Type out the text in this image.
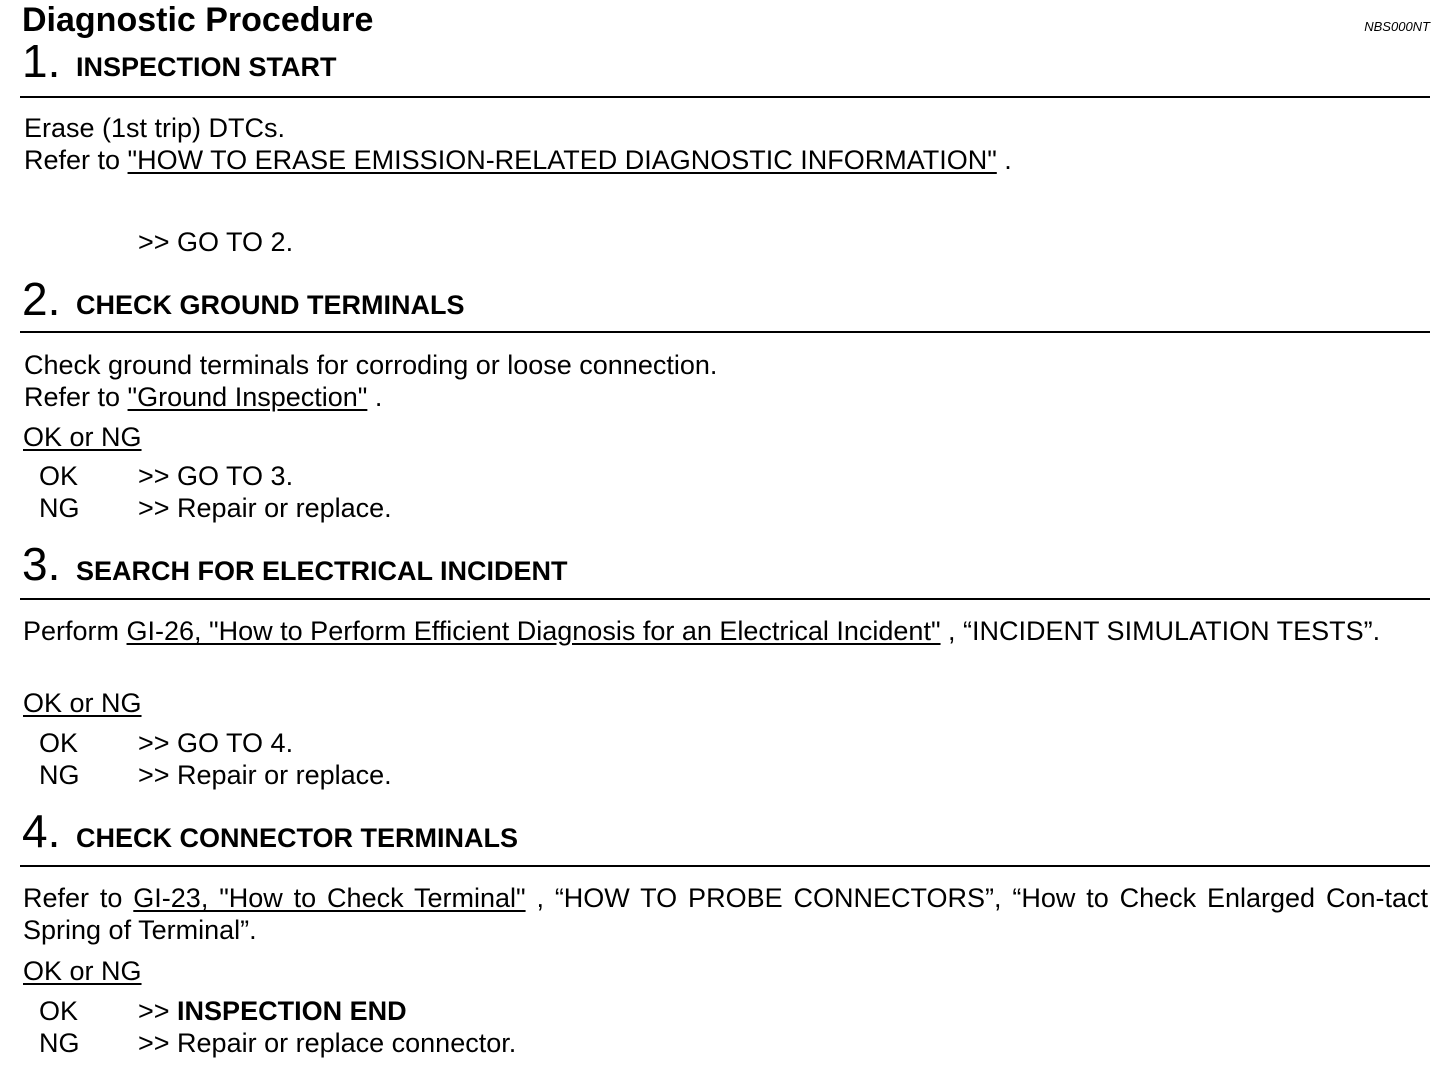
Diagnostic Procedure	NBS000NT
1. INSPECTION START
Erase (1st trip) DTCs.
Refer to "HOW TO ERASE EMISSION-RELATED DIAGNOSTIC INFORMATION" .
>> GO TO 2.
2. CHECK GROUND TERMINALS
Check ground terminals for corroding or loose connection.
Refer to "Ground Inspection" .
OK or NG
OK >> GO TO 3.
NG >> Repair or replace.
3. SEARCH FOR ELECTRICAL INCIDENT
Perform GI-26, "How to Perform Efficient Diagnosis for an Electrical Incident" , “INCIDENT SIMULATION TESTS”.
OK or NG
OK >> GO TO 4.
NG >> Repair or replace.
4. CHECK CONNECTOR TERMINALS
Refer to GI-23, "How to Check Terminal" , “HOW TO PROBE CONNECTORS”, “How to Check Enlarged Con-tact Spring of Terminal”.
OK or NG
OK >> INSPECTION END
NG >> Repair or replace connector.
